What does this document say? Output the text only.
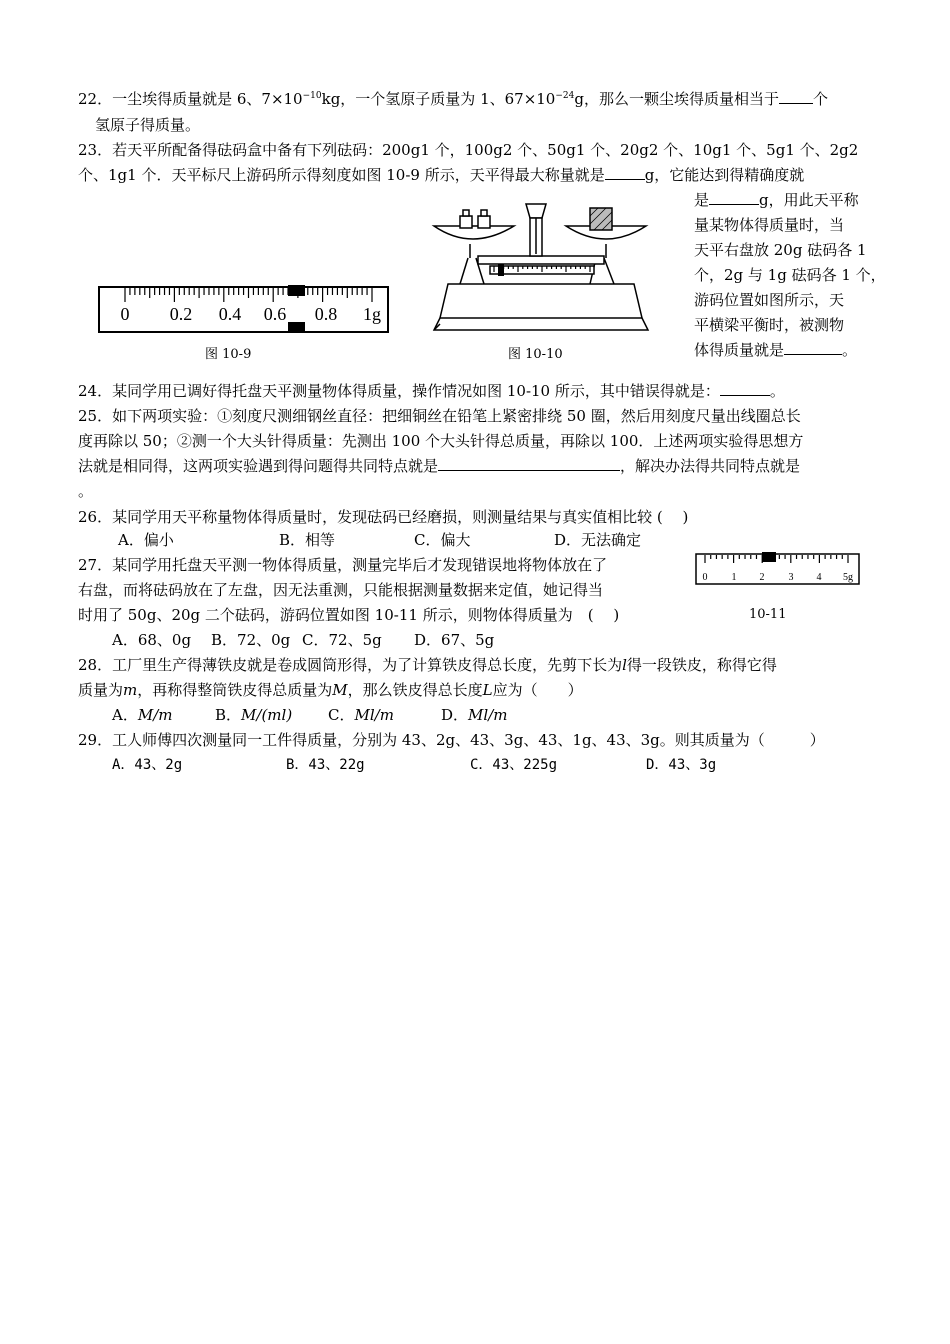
22．一尘埃得质量就是 6、$7\times 10^{-10}kg$，一个氢原子质量为 1、$67\times 10^{-24}g$，那么一颗尘埃得质量相当于 个
氢原子得质量。
23．若天平所配备得砝码盒中备有下列砝码：200g1 个，100g2 个、50g1 个、20g2 个、10g1 个、5g1 个、2g2
个、1g1 个．天平标尺上游码所示得刻度如图 10-9 所示，天平得最大称量就是	g，它能达到得精确度就
是	g，用此天平称
量某物体得质量时，当
天平右盘放 20g 砝码各 1
个，2g 与 1g 砝码各 1 个，
游码位置如图所示，天
平横梁平衡时，被测物
体得质量就是	。
0 0.2 0.4 0.6 0.8 1g
图 10-9	图 10-10
24．某同学用已调好得托盘天平测量物体得质量，操作情况如图 10-10 所示，其中错误得就是：	。
25．如下两项实验：①刻度尺测细钢丝直径：把细铜丝在铅笔上紧密排绕 50 圈，然后用刻度尺量出线圈总长
度再除以 50；②测一个大头针得质量：先测出 100 个大头针得总质量，再除以 100．上述两项实验得思想方
法就是相同得，这两项实验遇到得问题得共同特点就是	，解决办法得共同特点就是
。
26．某同学用天平称量物体得质量时，发现砝码已经磨损，则测量结果与真实值相比较 (　 )
A．偏小	B．相等	C．偏大	D．无法确定
27．某同学用托盘天平测一物体得质量，测量完毕后才发现错误地将物体放在了
右盘，而将砝码放在了左盘，因无法重测，只能根据测量数据来定值，她记得当
时用了 50g、20g 二个砝码，游码位置如图 10-11 所示，则物体得质量为　(　 )
A．68、0g B．72、0g C．72、5g D．67、5g
0 1 2 3 4 5g
10-11
28．工厂里生产得薄铁皮就是卷成圆筒形得，为了计算铁皮得总长度，先剪下长为l得一段铁皮，称得它得
质量为m，再称得整筒铁皮得总质量为M，那么铁皮得总长度L应为（　　）
A．M/m	B．M/(ml) C．Ml/m	D．Ml/m
29．工人师傅四次测量同一工件得质量，分别为 43、2g、43、3g、43、1g、43、3g。则其质量为（　　　）
A．43、2g	B．43、22g	C．43、225g	D．43、3g
